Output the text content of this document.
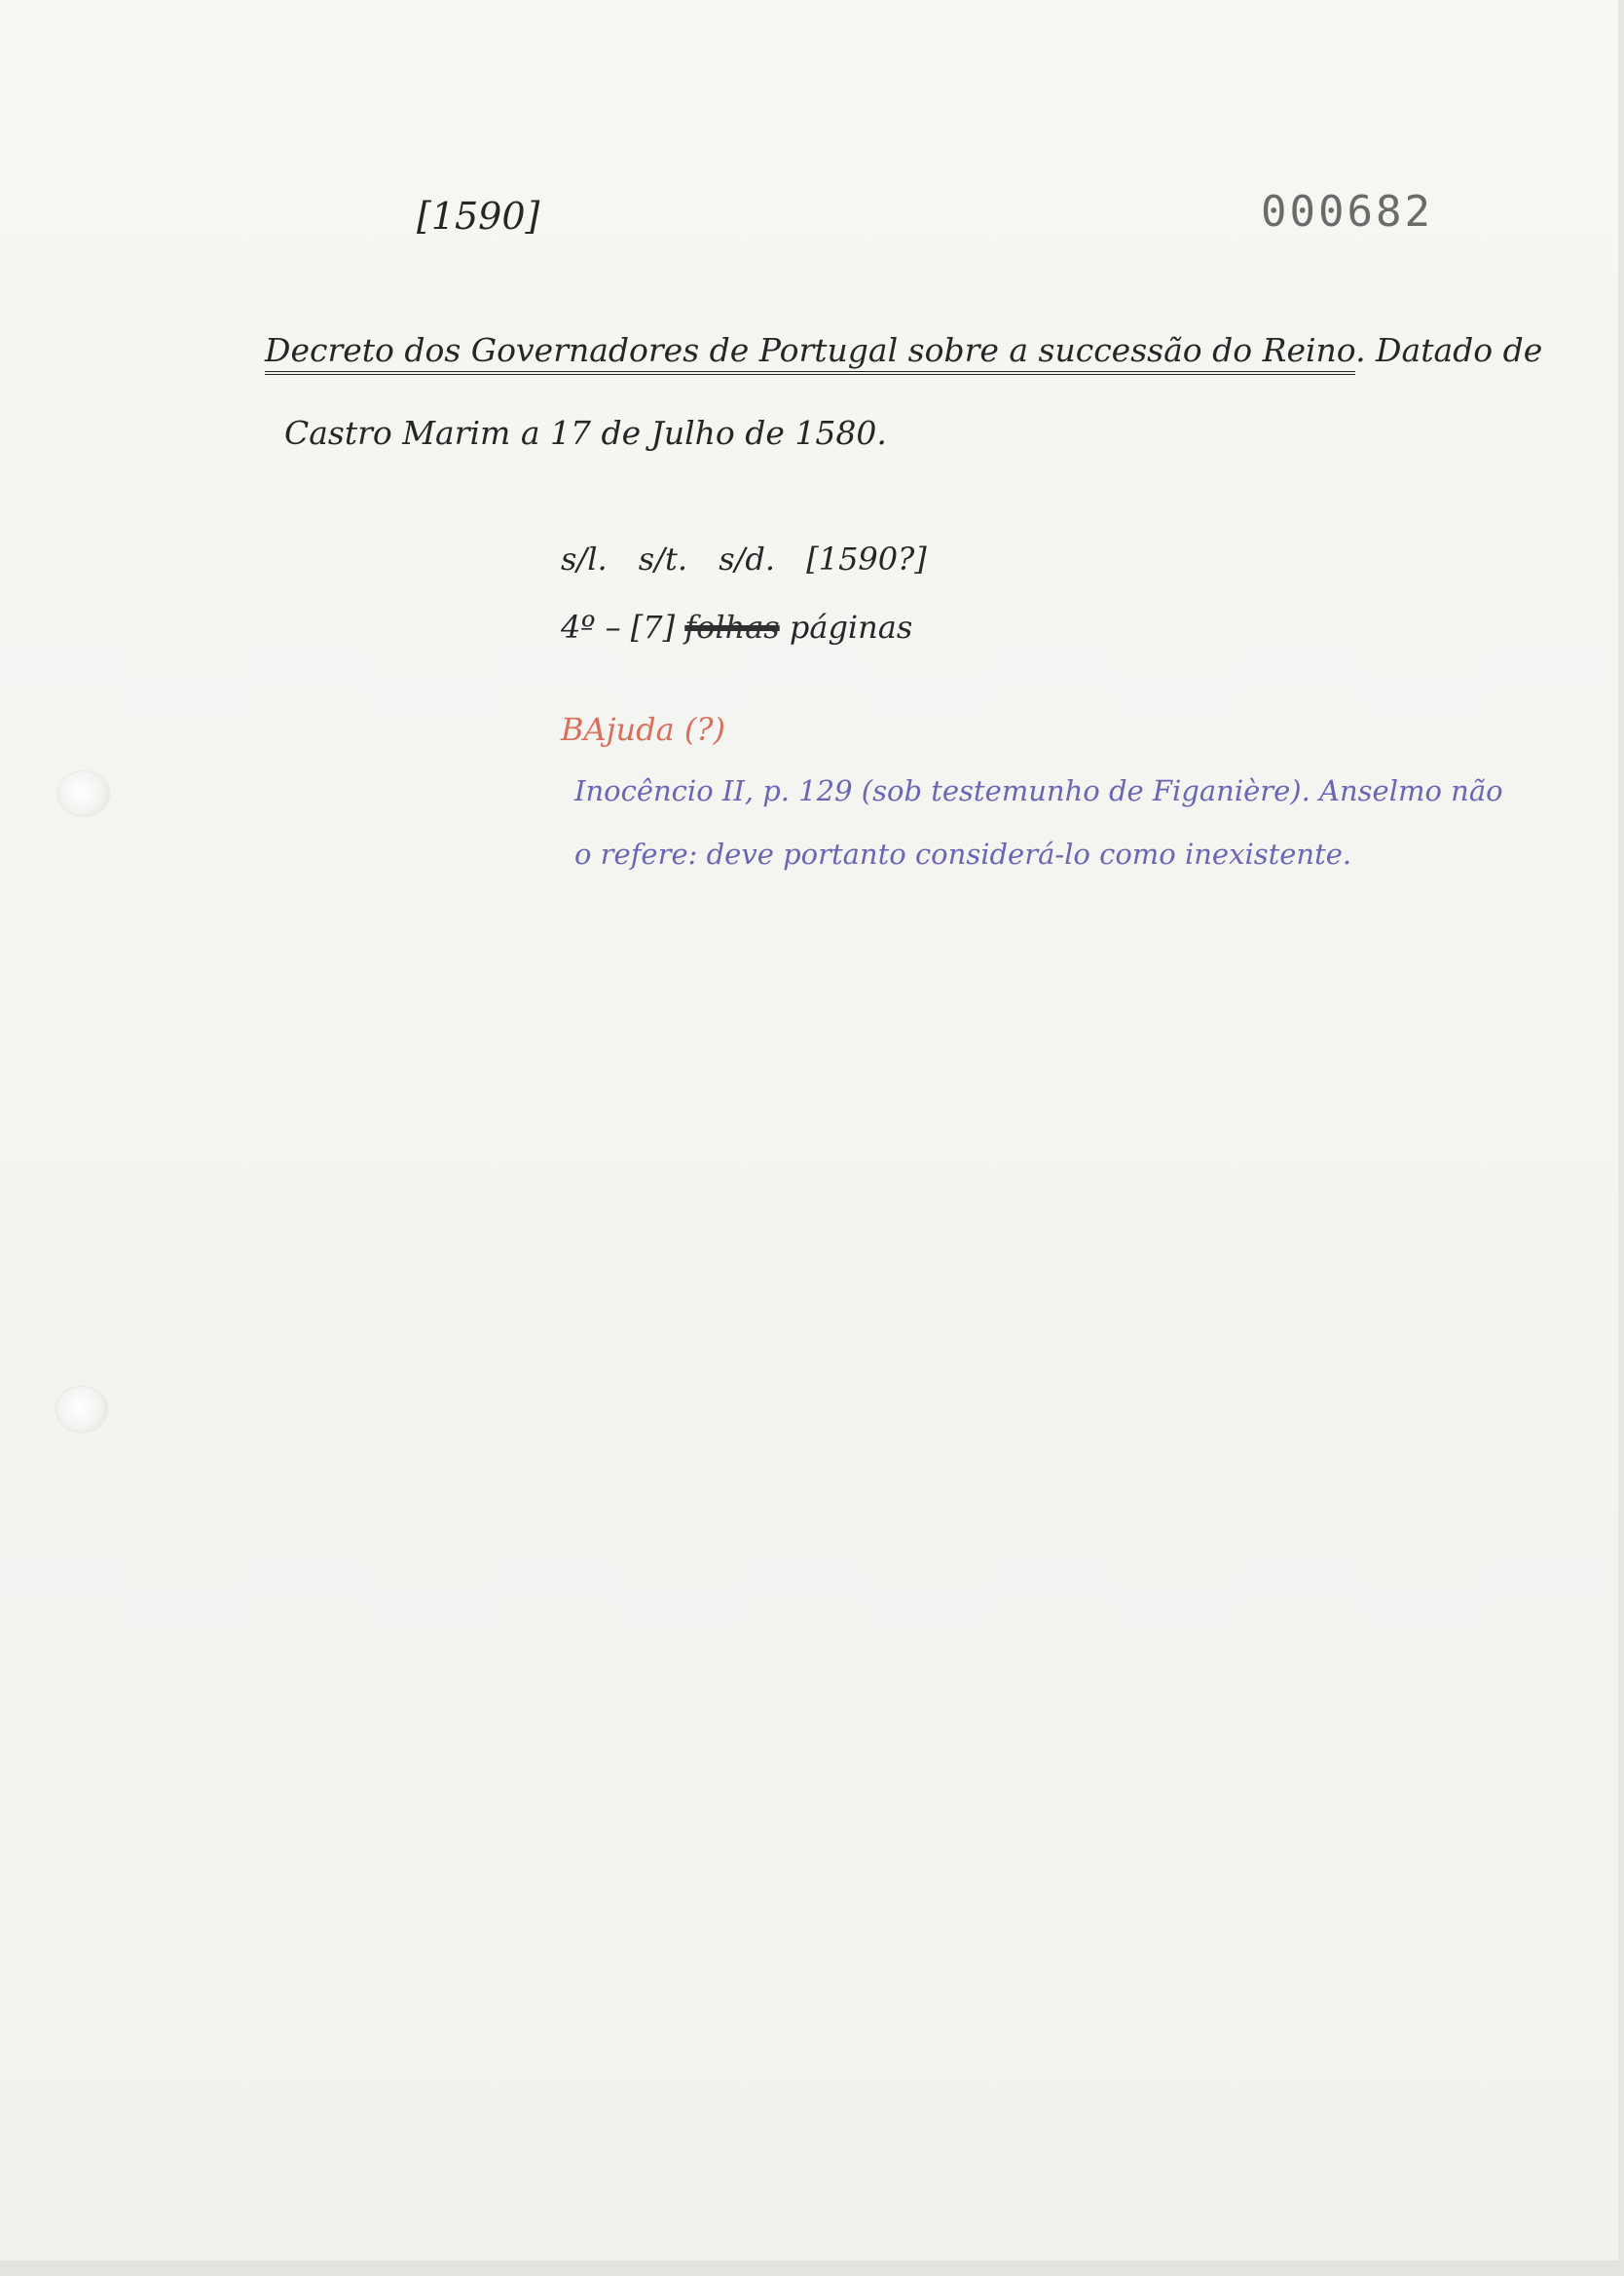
[1590]	000682
Decreto dos Governadores de Portugal sobre a successão do Reino. Datado de
Castro Marim a 17 de Julho de 1580.
s/l. s/t. s/d. [1590?]
4º – [7] folhas páginas
BAjuda (?)
Inocêncio II, p. 129 (sob testemunho de Figanière). Anselmo não
o refere: deve portanto considerá-lo como inexistente.
